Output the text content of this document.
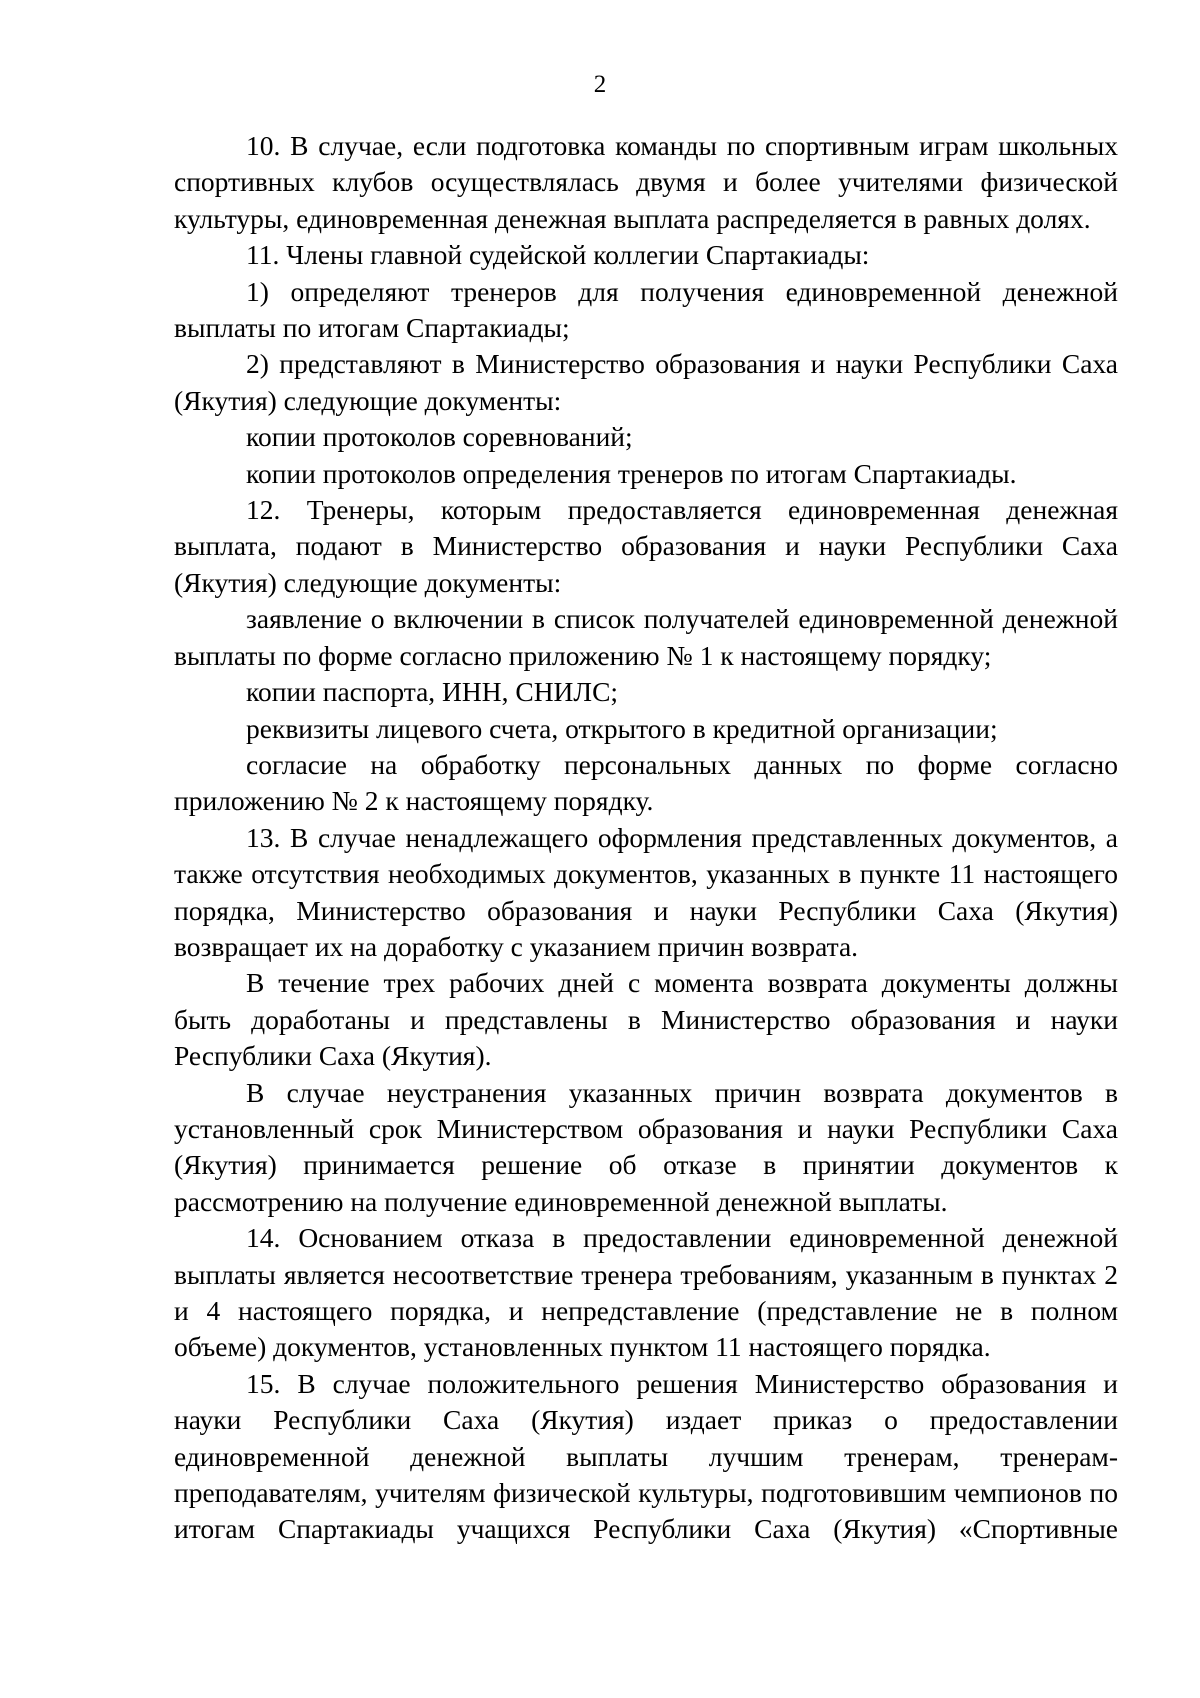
2

10. В случае, если подготовка команды по спортивным играм школьных спортивных клубов осуществлялась двумя и более учителями физической культуры, единовременная денежная выплата распределяется в равных долях.

11. Члены главной судейской коллегии Спартакиады:

1) определяют тренеров для получения единовременной денежной выплаты по итогам Спартакиады;

2) представляют в Министерство образования и науки Республики Саха (Якутия) следующие документы:

копии протоколов соревнований;

копии протоколов определения тренеров по итогам Спартакиады.

12. Тренеры, которым предоставляется единовременная денежная выплата, подают в Министерство образования и науки Республики Саха (Якутия) следующие документы:

заявление о включении в список получателей единовременной денежной выплаты по форме согласно приложению № 1 к настоящему порядку;

копии паспорта, ИНН, СНИЛС;

реквизиты лицевого счета, открытого в кредитной организации;

согласие на обработку персональных данных по форме согласно приложению № 2 к настоящему порядку.

13. В случае ненадлежащего оформления представленных документов, а также отсутствия необходимых документов, указанных в пункте 11 настоящего порядка, Министерство образования и науки Республики Саха (Якутия) возвращает их на доработку с указанием причин возврата.

В течение трех рабочих дней с момента возврата документы должны быть доработаны и представлены в Министерство образования и науки Республики Саха (Якутия).

В случае неустранения указанных причин возврата документов в установленный срок Министерством образования и науки Республики Саха (Якутия) принимается решение об отказе в принятии документов к рассмотрению на получение единовременной денежной выплаты.

14. Основанием отказа в предоставлении единовременной денежной выплаты является несоответствие тренера требованиям, указанным в пунктах 2 и 4 настоящего порядка, и непредставление (представление не в полном объеме) документов, установленных пунктом 11 настоящего порядка.

15. В случае положительного решения Министерство образования и науки Республики Саха (Якутия) издает приказ о предоставлении единовременной денежной выплаты лучшим тренерам, тренерам-преподавателям, учителям физической культуры, подготовившим чемпионов по итогам Спартакиады учащихся Республики Саха (Якутия) «Спортивные
